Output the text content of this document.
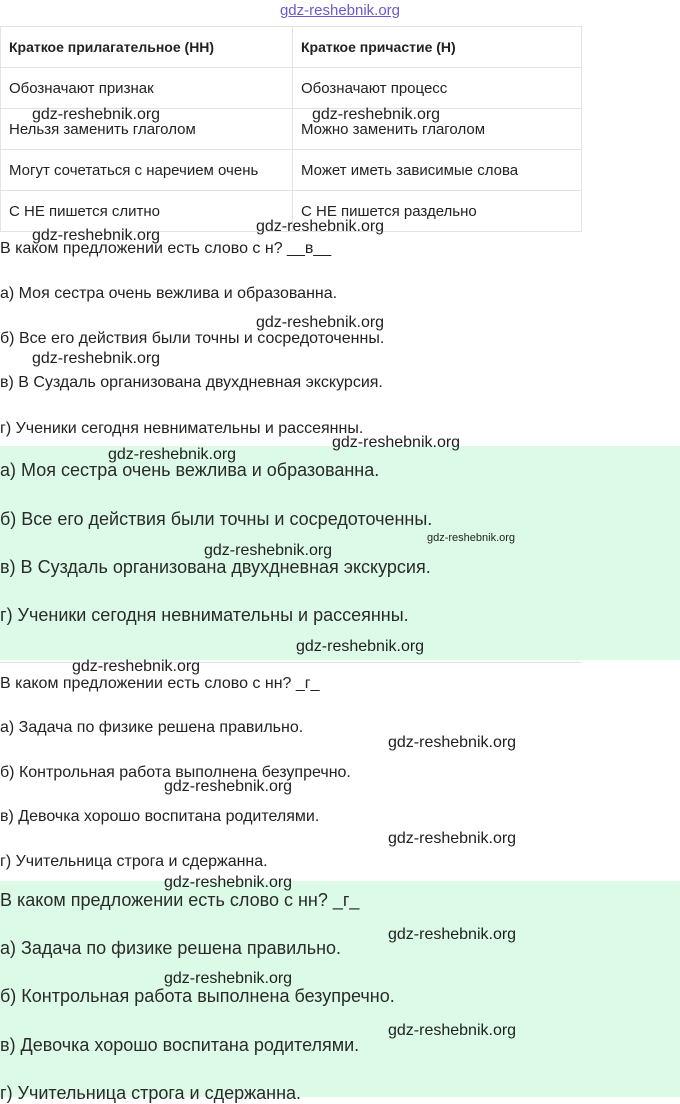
gdz-reshebnik.org
Краткое прилагательное (НН)	Краткое причастие (Н)
Обозначают признак	Обозначают процесс
Нельзя заменить глаголом	Можно заменить глаголом
Могут сочетаться с наречием очень	Может иметь зависимые слова
С НЕ пишется слитно	С НЕ пишется раздельно
В каком предложении есть слово с н? __в__
а) Моя сестра очень вежлива и образованна.
б) Все его действия были точны и сосредоточенны.
в) В Суздаль организована двухдневная экскурсия.
г) Ученики сегодня невнимательны и рассеянны.
а) Моя сестра очень вежлива и образованна.
б) Все его действия были точны и сосредоточенны.
в) В Суздаль организована двухдневная экскурсия.
г) Ученики сегодня невнимательны и рассеянны.
В каком предложении есть слово с нн? _г_
а) Задача по физике решена правильно.
б) Контрольная работа выполнена безупречно.
в) Девочка хорошо воспитана родителями.
г) Учительница строга и сдержанна.
В каком предложении есть слово с нн? _г_
а) Задача по физике решена правильно.
б) Контрольная работа выполнена безупречно.
в) Девочка хорошо воспитана родителями.
г) Учительница строга и сдержанна.
gdz-reshebnik.org	gdz-reshebnik.org
gdz-reshebnik.org
gdz-reshebnik.org
gdz-reshebnik.org
gdz-reshebnik.org
gdz-reshebnik.org
gdz-reshebnik.org
gdz-reshebnik.org
gdz-reshebnik.org
gdz-reshebnik.org
gdz-reshebnik.org
gdz-reshebnik.org
gdz-reshebnik.org
gdz-reshebnik.org
gdz-reshebnik.org
gdz-reshebnik.org
gdz-reshebnik.org
gdz-reshebnik.org
